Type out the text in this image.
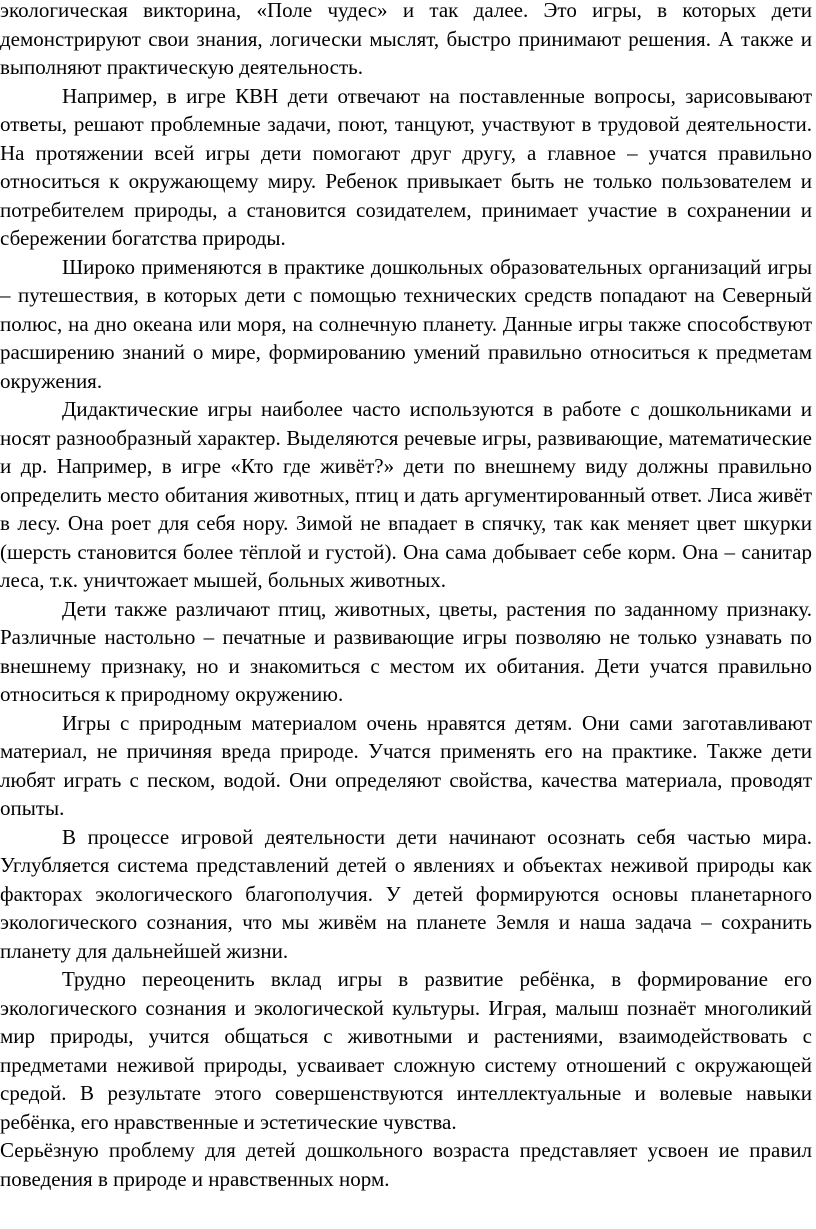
экологическая викторина, «Поле чудес» и так далее. Это игры, в которых дети демонстрируют свои знания, логически мыслят, быстро принимают решения. А также и выполняют практическую деятельность.

Например, в игре КВН дети отвечают на поставленные вопросы, зарисовывают ответы, решают проблемные задачи, поют, танцуют, участвуют в трудовой деятельности. На протяжении всей игры дети помогают друг другу, а главное – учатся правильно относиться к окружающему миру. Ребенок привыкает быть не только пользователем и потребителем природы, а становится созидателем, принимает участие в сохранении и сбережении богатства природы.

Широко применяются в практике дошкольных образовательных организаций игры – путешествия, в которых дети с помощью технических средств попадают на Северный полюс, на дно океана или моря, на солнечную планету. Данные игры также способствуют расширению знаний о мире, формированию умений правильно относиться к предметам окружения.

Дидактические игры наиболее часто используются в работе с дошкольниками и носят разнообразный характер. Выделяются речевые игры, развивающие, математические и др. Например, в игре «Кто где живёт?» дети по внешнему виду должны правильно определить место обитания животных, птиц и дать аргументированный ответ. Лиса живёт в лесу. Она роет для себя нору. Зимой не впадает в спячку, так как меняет цвет шкурки (шерсть становится более тёплой и густой). Она сама добывает себе корм. Она – санитар леса, т.к. уничтожает мышей, больных животных.

Дети также различают птиц, животных, цветы, растения по заданному признаку. Различные настольно – печатные и развивающие игры позволяю не только узнавать по внешнему признаку, но и знакомиться с местом их обитания. Дети учатся правильно относиться к природному окружению.

Игры с природным материалом очень нравятся детям. Они сами заготавливают материал, не причиняя вреда природе. Учатся применять его на практике. Также дети любят играть с песком, водой. Они определяют свойства, качества материала, проводят опыты.

В процессе игровой деятельности дети начинают осознать себя частью мира. Углубляется система представлений детей о явлениях и объектах неживой природы как факторах экологического благополучия. У детей формируются основы планетарного экологического сознания, что мы живём на планете Земля и наша задача – сохранить планету для дальнейшей жизни.

Трудно переоценить вклад игры в развитие ребёнка, в формирование его экологического сознания и экологической культуры. Играя, малыш познаёт многоликий мир природы, учится общаться с животными и растениями, взаимодействовать с предметами неживой природы, усваивает сложную систему отношений с окружающей средой. В результате этого совершенствуются интеллектуальные и волевые навыки ребёнка, его нравственные и эстетические чувства.

Серьёзную проблему для детей дошкольного возраста представляет усвоен ие правил поведения в природе и нравственных норм.
